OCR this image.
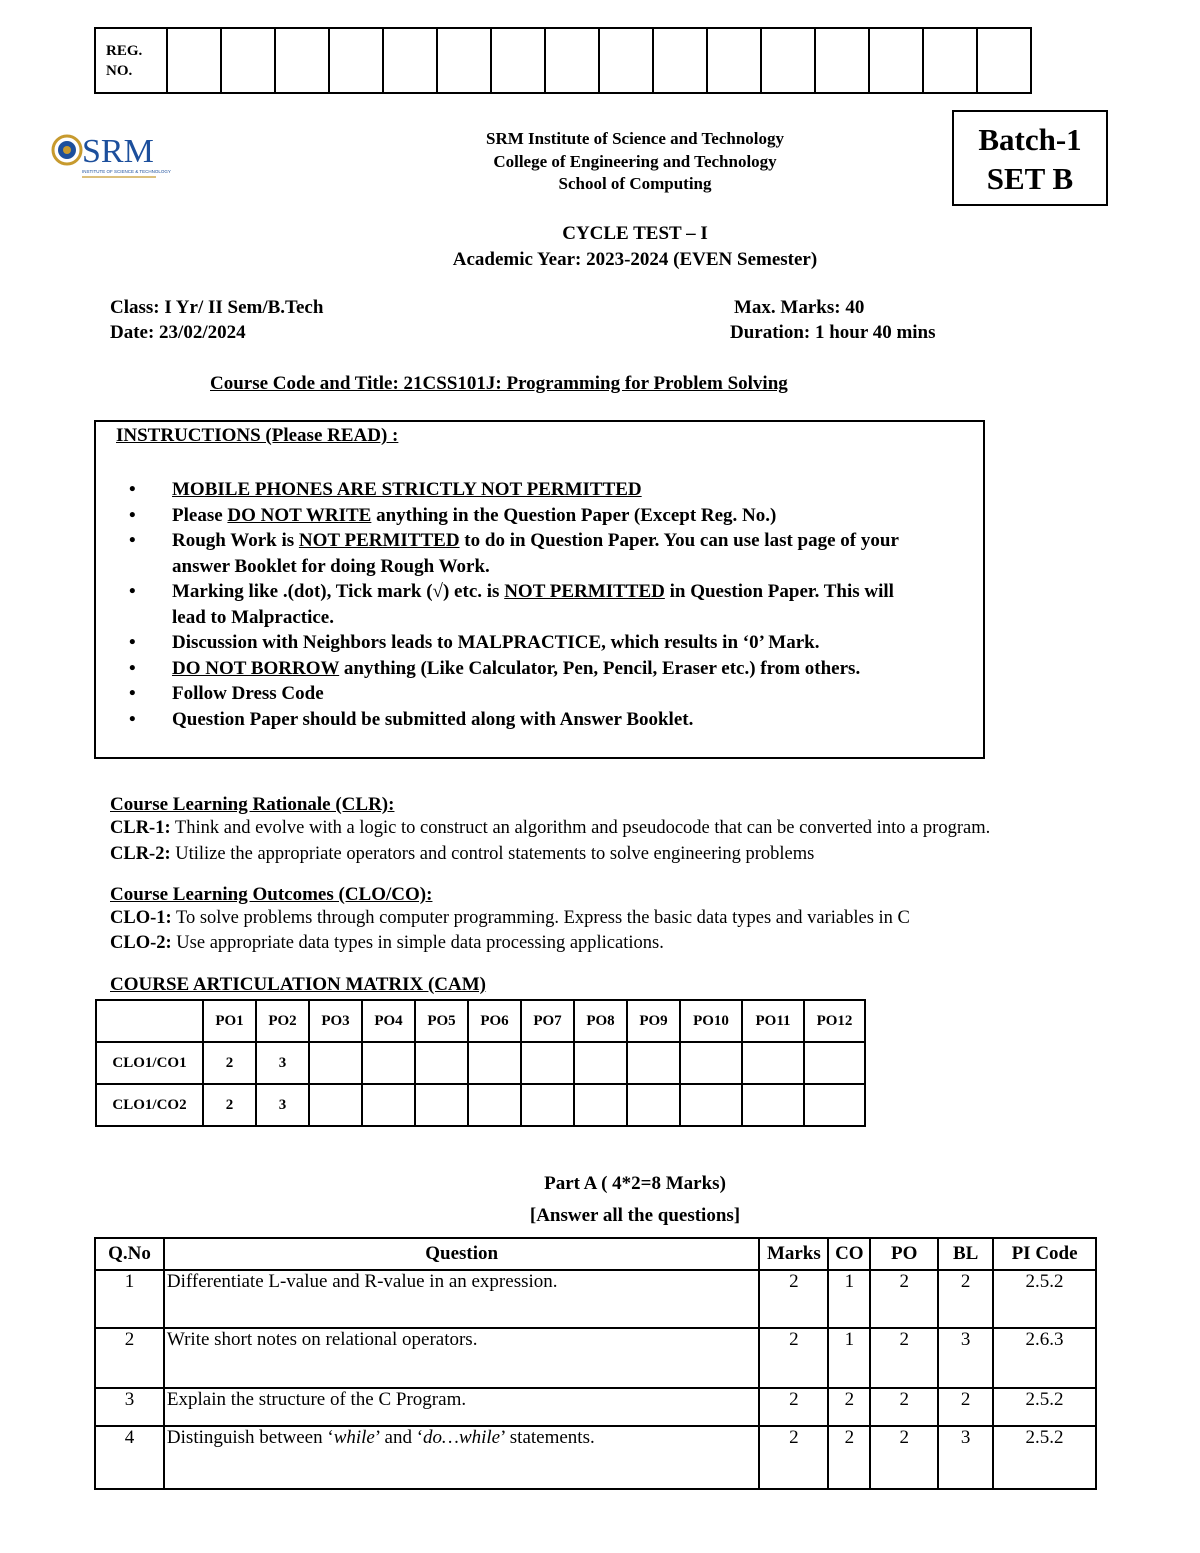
REG.
NO.																
SRM
INSTITUTE OF SCIENCE & TECHNOLOGY
SRM Institute of Science and Technology
College of Engineering and Technology
School of Computing
Batch-1
SET B
CYCLE TEST – I
Academic Year: 2023-2024 (EVEN Semester)
Class: I Yr/ II Sem/B.Tech
Date: 23/02/2024
Max. Marks: 40
Duration: 1 hour 40 mins
Course Code and Title: 21CSS101J: Programming for Problem Solving
INSTRUCTIONS (Please READ) :
• MOBILE PHONES ARE STRICTLY NOT PERMITTED
• Please DO NOT WRITE anything in the Question Paper (Except Reg. No.)
• Rough Work is NOT PERMITTED to do in Question Paper. You can use last page of your answer Booklet for doing Rough Work.
• Marking like .(dot), Tick mark (√) etc. is NOT PERMITTED in Question Paper. This will lead to Malpractice.
• Discussion with Neighbors leads to MALPRACTICE, which results in ‘0’ Mark.
• DO NOT BORROW anything (Like Calculator, Pen, Pencil, Eraser etc.) from others.
• Follow Dress Code
• Question Paper should be submitted along with Answer Booklet.
Course Learning Rationale (CLR):
CLR-1: Think and evolve with a logic to construct an algorithm and pseudocode that can be converted into a program.
CLR-2: Utilize the appropriate operators and control statements to solve engineering problems
Course Learning Outcomes (CLO/CO):
CLO-1: To solve problems through computer programming. Express the basic data types and variables in C
CLO-2: Use appropriate data types in simple data processing applications.
COURSE ARTICULATION MATRIX (CAM)
	PO1	PO2	PO3	PO4	PO5	PO6	PO7	PO8	PO9	PO10	PO11	PO12
CLO1/CO1	2	3										
CLO1/CO2	2	3										
Part A ( 4*2=8 Marks)
[Answer all the questions]
Q.No	Question	Marks	CO	PO	BL	PI Code
1	Differentiate L-value and R-value in an expression.	2	1	2	2	2.5.2
2	Write short notes on relational operators.	2	1	2	3	2.6.3
3	Explain the structure of the C Program.	2	2	2	2	2.5.2
4	Distinguish between ‘while’ and ‘do…while’ statements.	2	2	2	3	2.5.2
